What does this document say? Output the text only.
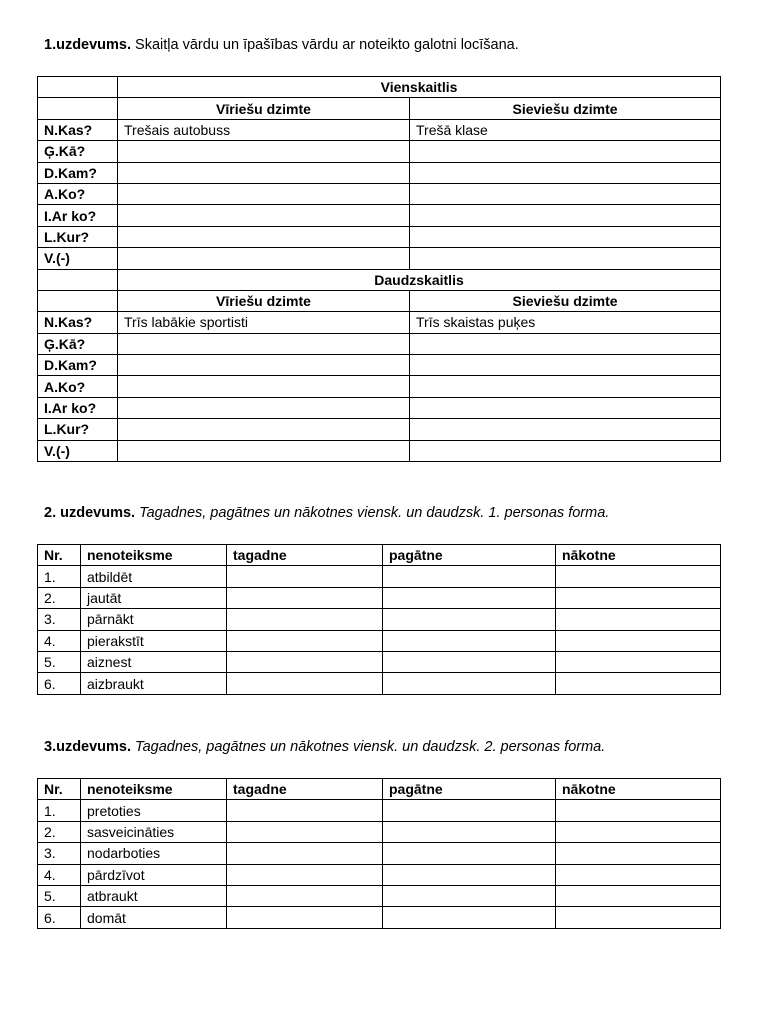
1.uzdevums. Skaitļa vārdu un īpašības vārdu ar noteikto galotni locīšana.
	Vienskaitlis	
	Vīriešu dzimte	Sieviešu dzimte
N.Kas?	Trešais autobuss	Trešā klase
Ģ.Kā?		
D.Kam?		
A.Ko?		
I.Ar ko?		
L.Kur?		
V.(-)		
	Daudzskaitlis	
	Vīriešu dzimte	Sieviešu dzimte
N.Kas?	Trīs labākie sportisti	Trīs skaistas puķes
Ģ.Kā?		
D.Kam?		
A.Ko?		
I.Ar ko?		
L.Kur?		
V.(-)		
2. uzdevums. Tagadnes, pagātnes un nākotnes viensk. un daudzsk. 1. personas forma.
Nr.	nenoteiksme	tagadne	pagātne	nākotne
1.	atbildēt			
2.	jautāt			
3.	pārnākt			
4.	pierakstīt			
5.	aiznest			
6.	aizbraukt			
3.uzdevums. Tagadnes, pagātnes un nākotnes viensk. un daudzsk. 2. personas forma.
Nr.	nenoteiksme	tagadne	pagātne	nākotne
1.	pretoties			
2.	sasveicināties			
3.	nodarboties			
4.	pārdzīvot			
5.	atbraukt			
6.	domāt			
